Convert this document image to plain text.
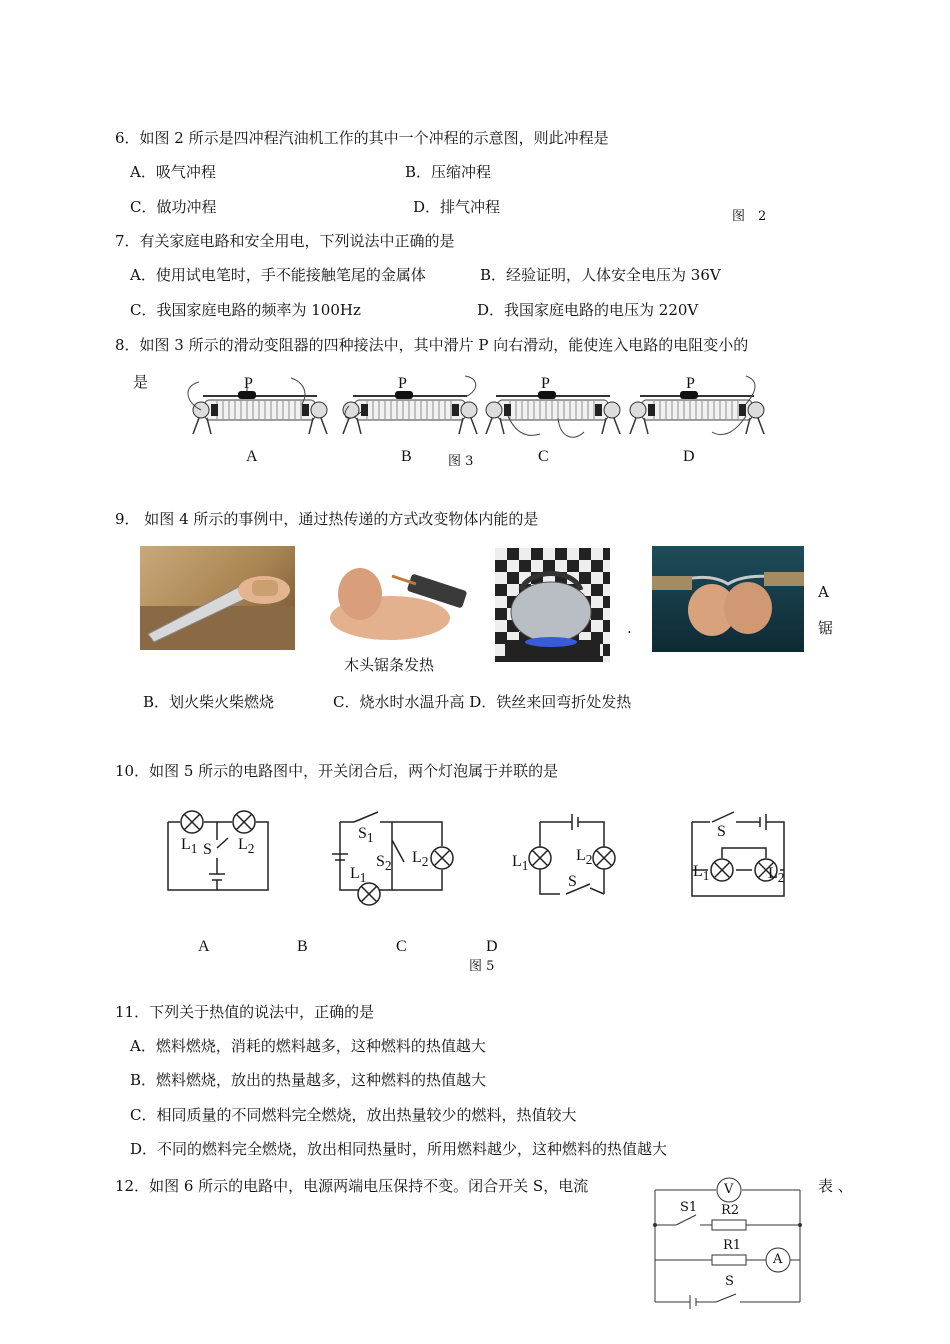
6．如图 2 所示是四冲程汽油机工作的其中一个冲程的示意图，则此冲程是
A．吸气冲程	B．压缩冲程
C．做功冲程	D．排气冲程
图　2
7．有关家庭电路和安全用电，下列说法中正确的是
A．使用试电笔时，手不能接触笔尾的金属体	B．经验证明，人体安全电压为 36V
C．我国家庭电路的频率为 100Hz	D．我国家庭电路的电压为 220V
8．如图 3 所示的滑动变阻器的四种接法中，其中滑片 P 向右滑动，能使连入电路的电阻变小的
是	P	P	P	P
A	B	图 3	C	D
9． 如图 4 所示的事例中，通过热传递的方式改变物体内能的是
.
A
锯
木头锯条发热
B．划火柴火柴燃烧	C．烧水时水温升高 D．铁丝来回弯折处发热
10．如图 5 所示的电路图中，开关闭合后，两个灯泡属于并联的是
$L_1$	$L_2$
S
$S_1$
$S_2$ $L_2$
$L_1$
$L_1$
$L_2$
S
S
$L_1$	$L_2$
A	B	C	D
图 5
11．下列关于热值的说法中，正确的是
A．燃料燃烧，消耗的燃料越多，这种燃料的热值越大
B．燃料燃烧，放出的热量越多，这种燃料的热值越大
C．相同质量的不同燃料完全燃烧，放出热量较少的燃料，热值较大
D．不同的燃料完全燃烧，放出相同热量时，所用燃料越少，这种燃料的热值越大
12．如图 6 所示的电路中，电源两端电压保持不变。闭合开关 S，电流	表 、
V
S1 R2
R1
A
S
